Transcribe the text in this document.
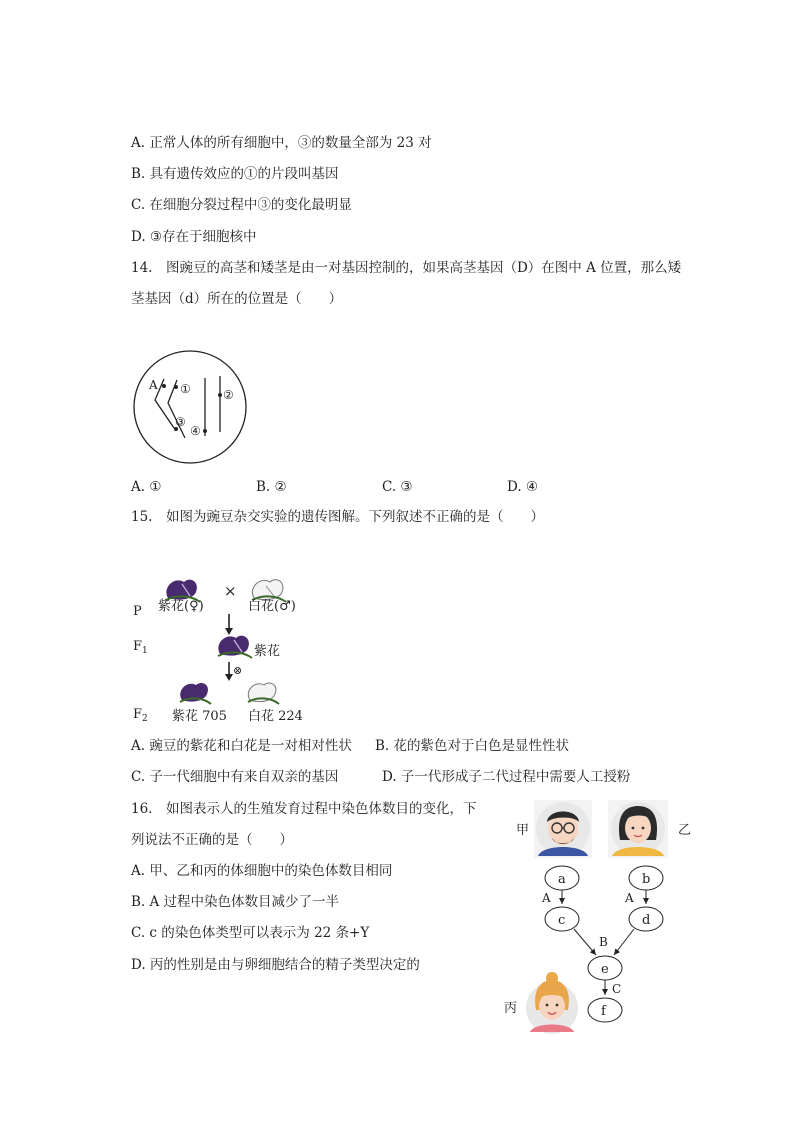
A. 正常人体的所有细胞中，③的数量全部为 23 对
B. 具有遗传效应的①的片段叫基因
C. 在细胞分裂过程中③的变化最明显
D. ③存在于细胞核中
14.　图豌豆的高茎和矮茎是由一对基因控制的，如果高茎基因（D）在图中 A 位置，那么矮
茎基因（d）所在的位置是（　　）
A ①	②
③
④
A. ①	B. ②	C. ③	D. ④
15.　如图为豌豆杂交实验的遗传图解。下列叙述不正确的是（　　）
P
×
紫花(♀)	白花(♂)
$F_1$	紫花
⊗
$F_2$ 紫花 705 白花 224
A. 豌豆的紫花和白花是一对相对性状 B. 花的紫色对于白色是显性性状
C. 子一代细胞中有来自双亲的基因	D. 子一代形成子二代过程中需要人工授粉
16.　如图表示人的生殖发育过程中染色体数目的变化，下
列说法不正确的是（　　）
A. 甲、乙和丙的体细胞中的染色体数目相同
B. A 过程中染色体数目减少了一半
C. c 的染色体类型可以表示为 22 条+Y
D. 丙的性别是由与卵细胞结合的精子类型决定的
甲	乙
丙
a	b
c	d
e
f
A	A
B
C
